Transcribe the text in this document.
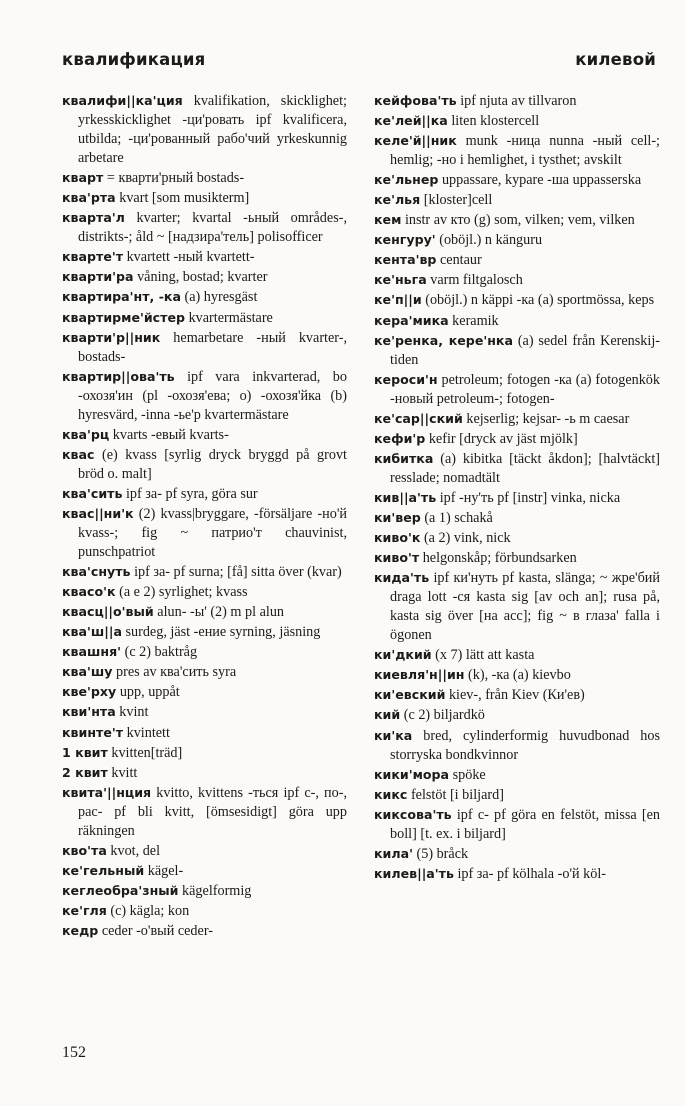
квалификация	килевой

квалифи||ка'ция kvalifikation, skicklighet; yrkesskicklighet -ци'ровать ipf kvalificera, utbilda; -ци'рованный рабо'чий yrkeskunnig arbetare

кварт = кварти'рный bostads-

ква'рта kvart [som musikterm]

кварта'л kvarter; kvartal -ьный områdes-, distrikts-; åld ~ [надзира'тель] polisofficer

кварте'т kvartett -ный kvartett-

кварти'ра våning, bostad; kvarter

квартира'нт, -ка (a) hyresgäst

квартирме'йстер kvartermästare

кварти'р||ник hemarbetare -ный kvarter-, bostads-

квартир||ова'ть ipf vara inkvarterad, bo -охозя'ин (pl -охозя'ева; o) -охозя'йка (b) hyresvärd, -inna -ье'р kvartermästare

ква'рц kvarts -евый kvarts-

квас (e) kvass [syrlig dryck bryggd på grovt bröd o. malt]

ква'сить ipf за- pf syra, göra sur

квас||ни'к (2) kvass|bryggare, -försäljare -но'й kvass-; fig ~ патрио'т chauvinist, punschpatriot

ква'снуть ipf за- pf surna; [få] sitta över (kvar)

квасо'к (a e 2) syrlighet; kvass

квасц||о'вый alun- -ы' (2) m pl alun

ква'ш||а surdeg, jäst -ение syrning, jäsning

квашня' (c 2) baktråg

ква'шу pres av ква'сить syra

кве'рху upp, uppåt

кви'нта kvint

квинте'т kvintett

1 квит kvitten[träd]

2 квит kvitt

квита'||нция kvitto, kvittens -ться ipf с-, по-, рас- pf bli kvitt, [ömsesidigt] göra upp räkningen

кво'та kvot, del

ке'гельный kägel-

кеглеобра'зный kägelformig

ке'гля (c) kägla; kon

кедр ceder -о'вый ceder-

кейфова'ть ipf njuta av tillvaron

ке'лей||ка liten klostercell

келе'й||ник munk -ница nunna -ный cell-; hemlig; -но i hemlighet, i tysthet; avskilt

ке'льнер uppassare, kypare -ша uppasserska

ке'лья [kloster]cell

кем instr av кто (g) som, vilken; vem, vilken

кенгуру' (oböjl.) n känguru

кента'вр centaur

ке'ньга varm filtgalosch

ке'п||и (oböjl.) n käppi -ка (a) sportmössa, keps

кера'мика keramik

ке'ренка, кере'нка (a) sedel från Kerenskij-tiden

кероси'н petroleum; fotogen -ка (a) fotogenkök -новый petroleum-; fotogen-

ке'сар||ский kejserlig; kejsar- -ь m caesar

кефи'р kefir [dryck av jäst mjölk]

кибитка (a) kibitka [täckt åkdon]; [halvtäckt] resslade; nomadtält

кив||а'ть ipf -ну'ть pf [instr] vinka, nicka

ки'вер (a 1) schakå

киво'к (a 2) vink, nick

киво'т helgonskåp; förbundsarken

кида'ть ipf ки'нуть pf kasta, slänga; ~ жре'бий draga lott -ся kasta sig [av och an]; rusa på, kasta sig över [на acc]; fig ~ в глаза' falla i ögonen

ки'дкий (x 7) lätt att kasta

киевля'н||ин (k), -ка (a) kievbo

ки'евский kiev-, från Kiev (Ки'ев)

кий (c 2) biljardkö

ки'ка bred, cylinderformig huvudbonad hos storryska bondkvinnor

кики'мора spöke

кикс felstöt [i biljard]

киксова'ть ipf с- pf göra en felstöt, missa [en boll] [t. ex. i biljard]

кила' (5) bråck

килев||а'ть ipf за- pf kölhala -о'й köl-

152
